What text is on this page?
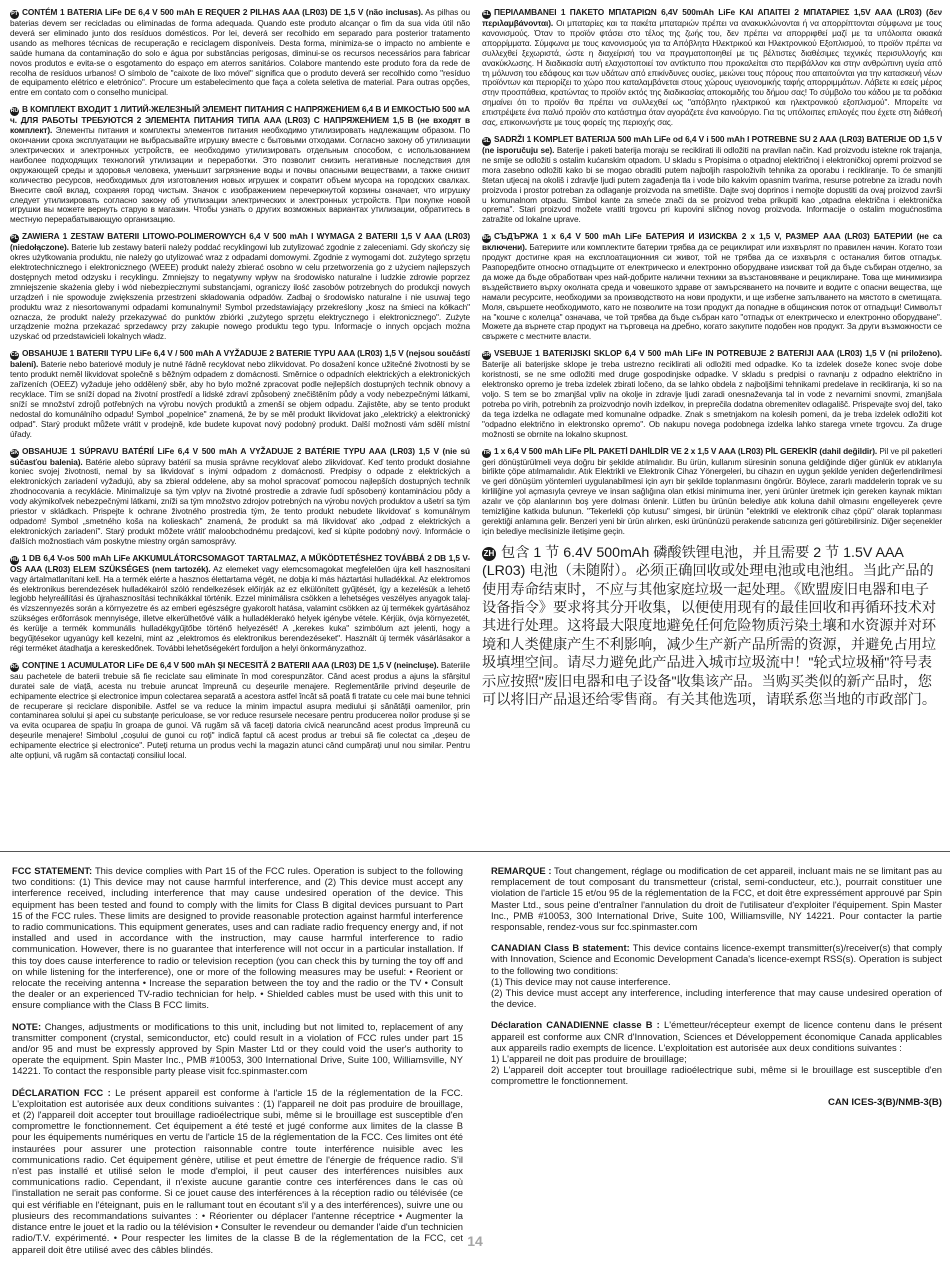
PT CONTÉM 1 BATERIA LiFe DE 6,4 V 500 mAh E REQUER 2 PILHAS AAA (LR03) DE 1,5 V (não inclusas). As pilhas ou baterias devem ser recicladas ou eliminadas de forma adequada. Quando este produto alcançar o fim da sua vida útil não deverá ser eliminado junto dos resíduos domésticos. Por lei, deverá ser recolhido em separado para posterior tratamento usando as melhores técnicas de recuperação e reciclagem disponíveis. Desta forma, minimiza-se o impacto no ambiente e saúde humana da contaminação do solo e água por substâncias perigosas, diminui-se os recursos necessários para fabricar novos produtos e evita-se o esgotamento do espaço em aterros sanitários. Colabore mantendo este produto fora da rede de recolha de resíduos urbanos! O símbolo de "caixote de lixo móvel" significa que o produto deverá ser recolhido como "resíduo de equipamento elétrico e eletrónico". Procure um estabelecimento que faça a coleta seletiva de material. Para outras opções, entre em contato com o conselho municipal.

RU В КОМПЛЕКТ ВХОДИТ 1 ЛИТИЙ-ЖЕЛЕЗНЫЙ ЭЛЕМЕНТ ПИТАНИЯ С НАПРЯЖЕНИЕМ 6,4 В И ЕМКОСТЬЮ 500 мА ч. ДЛЯ РАБОТЫ ТРЕБУЮТСЯ 2 ЭЛЕМЕНТА ПИТАНИЯ ТИПА AAA (LR03) С НАПРЯЖЕНИЕМ 1,5 В (не входят в комплект). Элементы питания и комплекты элементов питания необходимо утилизировать надлежащим образом. По окончании срока эксплуатации не выбрасывайте игрушку вместе с бытовыми отходами. Согласно закону об утилизации электрических и электронных устройств, ее необходимо утилизировать отдельным способом, с использованием наиболее подходящих технологий утилизации и переработки. Это позволит снизить негативные последствия для окружающей среды и здоровья человека, уменьшит загрязнение воды и почвы опасными веществами, а также снизит количество ресурсов, необходимых для изготовления новых игрушек и сократит объем мусора на городских свалках. Внесите свой вклад, сохраняя город чистым. Значок с изображением перечеркнутой корзины означает, что игрушку следует утилизировать согласно закону об утилизации электрических и электронных устройств. При покупке новой игрушки вы можете вернуть старую в магазин. Чтобы узнать о других возможных вариантах утилизации, обратитесь в местную перерабатывающую организацию.

PL ZAWIERA 1 ZESTAW BATERII LITOWO-POLIMEROWYCH 6,4 V 500 mAh I WYMAGA 2 BATERII 1,5 V AAA (LR03) (niedołączone). Baterie lub zestawy baterii należy poddać recyklingowi lub zutylizować zgodnie z zaleceniami. Gdy skończy się okres użytkowania produktu, nie należy go utylizować wraz z odpadami domowymi. Zgodnie z wymogami dot. zużytego sprzętu elektrotechnicznego i elektronicznego (WEEE) produkt należy zbierać osobno w celu przetworzenia go z użyciem najlepszych dostępnych metod odzysku i recyklingu. Zmniejszy to negatywny wpływ na środowisko naturalne i ludzkie zdrowie poprzez zmniejszenie skażenia gleby i wód niebezpiecznymi substancjami, ograniczy ilość zasobów potrzebnych do produkcji nowych urządzeń i nie spowoduje zwiększenia przestrzeni składowania odpadów. Zadbaj o środowisko naturalne i nie usuwaj tego produktu wraz z niesortowanymi odpadami komunalnymi! Symbol przedstawiający przekreślony „kosz na śmieci na kółkach" oznacza, że produkt należy przekazywać do punktów zbiórki „zużytego sprzętu elektrycznego i elektronicznego". Zużyte urządzenie można przekazać sprzedawcy przy zakupie nowego produktu tego typu. Informacje o innych opcjach można uzyskać od przedstawicieli lokalnych władz.

CS OBSAHUJE 1 BATERII TYPU LiFe 6,4 V / 500 mAh A VYŽADUJE 2 BATERIE TYPU AAA (LR03) 1,5 V (nejsou součástí balení). Baterie nebo bateriové moduly je nutné řádně recyklovat nebo zlikvidovat. Po dosažení konce užitečné životnosti by se tento produkt neměl likvidovat společně s běžným odpadem z domácnosti. Směrnice o odpadních elektrických a elektronických zařízeních (OEEZ) vyžaduje jeho oddělený sběr, aby ho bylo možné zpracovat podle nejlepších dostupných technik obnovy a recyklace. Tím se sníží dopad na životní prostředí a lidské zdraví způsobený znečištěním půdy a vody nebezpečnými látkami, sníží se množství zdrojů potřebných na výrobu nových produktů a zmenší se objem odpadu. Zajistěte, aby se tento produkt nedostal do komunálního odpadu! Symbol „popelnice" znamená, že by se měl produkt likvidovat jako „elektrický a elektronický odpad". Starý produkt můžete vrátit v prodejně, kde budete kupovat nový podobný produkt. Další možnosti vám sdělí místní úřady.

SK OBSAHUJE 1 SÚPRAVU BATÉRIÍ LiFe 6,4 V 500 mAh A VYŽADUJE 2 BATÉRIE TYPU AAA (LR03) 1,5 V (nie sú súčasťou balenia). Batérie alebo súpravy batérií sa musia správne recyklovať alebo zlikvidovať. Keď tento produkt dosiahne koniec svojej životnosti, nemal by sa likvidovať s inými odpadom z domácnosti. Predpisy o odpade z elektrických a elektronických zariadení vyžadujú, aby sa zbieral oddelene, aby sa mohol spracovať pomocou najlepších dostupných techník zhodnocovania a recyklácie. Minimalizuje sa tým vplyv na životné prostredie a zdravie ľudí spôsobený kontamináciou pôdy a vody akýmikoľvek nebezpečnými látkami, zníži sa tým množstvo zdrojov potrebných na výrobu nových produktov a ušetrí sa tým priestor v skládkach. Prispejte k ochrane životného prostredia tým, že tento produkt nebudete likvidovať s komunálnym odpadom! Symbol „smetného koša na kolieskach" znamená, že produkt sa má likvidovať ako „odpad z elektrických a elektronických zariadení". Starý produkt môžete vrátiť maloobchodnému predajcovi, keď si kúpite podobný nový. Informácie o ďalších možnostiach vám poskytne miestny orgán samosprávy.

HU 1 DB 6,4 V-os 500 mAh LiFe AKKUMULÁTORCSOMAGOT TARTALMAZ, A MŰKÖDTETÉSHEZ TOVÁBBÁ 2 DB 1,5 V-OS AAA (LR03) ELEM SZÜKSÉGES (nem tartozék). Az elemeket vagy elemcsomagokat megfelelően újra kell hasznosítani vagy ártalmatlanítani kell. Ha a termék elérte a hasznos élettartama végét, ne dobja ki más háztartási hulladékkal. Az elektromos és elektronikus berendezések hulladékairól szóló rendelkezések előírják az ez elkülönített gyűjtését, így a kezelésük a lehető legjobb helyreállítási és újrahasznosítási technikákkal történik. Ezzel minimálisra csökken a lehetséges veszélyes anyagok talaj- és vízszennyezés során a környezetre és az emberi egészségre gyakorolt hatása, valamint csökken az új termékek gyártásához szükséges erőforrások mennyisége, illetve elkerülhetővé válik a hulladéklerakó helyek igénybe vétele. Kérjük, óvja környezetét, és kerülje a termék kommunális hulladékgyűjtőbe történő helyezését! A „kerekes kuka" szimbólum azt jelenti, hogy a begyűjtésekor ugyanúgy kell kezelni, mint az „elektromos és elektronikus berendezéseket". Használt új termék vásárlásakor a régi terméket átadhatja a kereskedőnek. További lehetőségekért forduljon a helyi önkormányzathoz.

RO CONȚINE 1 ACUMULATOR LiFe DE 6,4 V 500 mAh ȘI NECESITĂ 2 BATERII AAA (LR03) DE 1,5 V (neinclușe). Bateriile sau pachetele de baterii trebuie să fie reciclate sau eliminate în mod corespunzător. Când acest produs a ajuns la sfârșitul duratei sale de viață, acesta nu trebuie aruncat împreună cu deșeurile menajere. Reglementările privind deșeurile de echipamente electrice și electronice impun colectarea separată a acestora astfel încât să poată fi tratate cu cele mai bune tehnici de recuperare și reciclare disponibile. Astfel se va reduce la minim impactul asupra mediului și sănătății oamenilor, prin contaminarea solului și apei cu substanțe periculoase, se vor reduce resursele necesare pentru producerea noilor produse și se va evita ocuparea de spațiu în groapa de gunoi. Vă rugăm să vă faceți datoria civică nearuncând acest produs împreună cu deșeurile menajere! Simbolul „coșului de gunoi cu roți" indică faptul că acest produs ar trebui să fie colectat ca „deșeu de echipamente electrice și electronice". Puteți returna un produs vechi la magazin atunci când cumpărați unul nou similar. Pentru alte opțiuni, vă rugăm să contactați consiliul local.

EL ΠΕΡΙΛΑΜΒΑΝΕΙ 1 ΠΑΚΕΤΟ ΜΠΑΤΑΡΙΩΝ 6,4V 500mAh LiFe ΚΑΙ ΑΠΑΙΤΕΙ 2 ΜΠΑΤΑΡΙΕΣ 1,5V AAA (LR03) (δεν περιλαμβάνονται). Οι μπαταρίες και τα πακέτα μπαταριών πρέπει να ανακυκλώνονται ή να απορρίπτονται σύμφωνα με τους κανονισμούς. Όταν το προϊόν φτάσει στο τέλος της ζωής του, δεν πρέπει να απορριφθεί μαζί με τα υπόλοιπα οικιακά απορρίμματα. Σύμφωνα με τους κανονισμούς για τα Απόβλητα Ηλεκτρικού και Ηλεκτρονικού Εξοπλισμού, το προϊόν πρέπει να συλλεχθεί ξεχωριστά, ώστε η διαχείρισή του να πραγματοποιηθεί με τις βέλτιστες διαθέσιμες τεχνικές περισυλλογής και ανακύκλωσης. Η διαδικασία αυτή ελαχιστοποιεί τον αντίκτυπο που προκαλείται στο περιβάλλον και στην ανθρώπινη υγεία από τη μόλυνση του εδάφους και των υδάτων από επικίνδυνες ουσίες, μειώνει τους πόρους που απαιτούνται για την κατασκευή νέων προϊόντων και περιορίζει το χώρο που καταλαμβάνεται στους χώρους υγειονομικής ταφής απορριμμάτων. Λάβετε κι εσείς μέρος στην προσπάθεια, κρατώντας το προϊόν εκτός της διαδικασίας αποκομιδής του δήμου σας! Το σύμβολο του κάδου με τα ροδάκια σημαίνει ότι το προϊόν θα πρέπει να συλλεχθεί ως "απόβλητο ηλεκτρικού και ηλεκτρονικού εξοπλισμού". Μπορείτε να επιστρέψετε ένα παλιό προϊόν στο κατάστημα όταν αγοράζετε ένα καινούργιο. Για τις υπόλοιπες επιλογές που έχετε στη διάθεσή σας, επικοινωνήστε με τους φορείς της περιοχής σας.

SL SADRŽI 1 KOMPLET BATERIJA 500 mAh LiFe od 6,4 V i 500 mAh I POTREBNE SU 2 AAA (LR03) BATERIJE OD 1,5 V (ne isporučuju se). Baterije i paketi baterija moraju se reciklirati ili odložiti na pravilan način. Kad proizvodu istekne rok trajanja, ne smije se odložiti s ostalim kućanskim otpadom. U skladu s Propisima o otpadnoj električnoj i elektroničkoj opremi proizvod se mora zasebno odložiti kako bi se mogao obraditi putem najboljih raspoloživih tehnika za oporabu i recikliranje. To će smanjiti štetan utjecaj na okoliš i zdravlje ljudi putem zagađenja tla i vode bilo kakvim opasnim tvarima, resurse potrebne za izradu novih proizvoda i prostor potreban za odlaganje proizvoda na smetlište. Dajte svoj doprinos i nemojte dopustiti da ovaj proizvod završi u komunalnom otpadu. Simbol kante za smeće znači da se proizvod treba prikupiti kao „otpadna električna i elektronička oprema". Stari proizvod možete vratiti trgovcu pri kupovini sličnog novog proizvoda. Informacije o ostalim mogućnostima zatražite od lokalne uprave.

BG СЪДЪРЖА 1 x 6,4 V 500 mAh LiFe БАТЕРИЯ И ИЗИСКВА 2 x 1,5 V, РАЗМЕР AAA (LR03) БАТЕРИИ (не са включени). Батериите или комплектите батерии трябва да се рециклират или изхвърлят по правилен начин. Когато този продукт достигне края на експлоатационния си живот, той не трябва да се изхвърля с останалия битов отпадък. Разпоредбите относно отпадъците от електрическо и електронно оборудване изискват той да бъде събиран отделно, за да може да бъде обработван чрез най-добрите налични техники за възстановяване и рециклиране. Това ще минимизира въздействието върху околната среда и човешкото здраве от замърсяването на почвите и водите с опасни вещества, ще намали ресурсите, необходими за производството на нови продукти, и ще избегне запълването на мястото в сметищата. Моля, свършете необходимото, като не позволите на този продукт да попадне в общинския поток от отпадъци! Символът на "кошче с колелца" означава, че той трябва да бъде събран като "отпадък от електрическо и електронно оборудване". Можете да върнете стар продукт на търговеца на дребно, когато закупите подобен нов продукт. За други възможности се свържете с местните власти.

SR VSEBUJE 1 BATERIJSKI SKLOP 6,4 V 500 mAh LiFe IN POTREBUJE 2 BATERIJI AAA (LR03) 1,5 V (ni priloženo). Baterije ali baterijske sklope je treba ustrezno reciklirati ali odložiti med odpadke. Ko ta izdelek doseže konec svoje dobe koristnosti, se ne sme odložiti med druge gospodinjske odpadke. V skladu s predpisi o ravnanju z odpadno električno in elektronsko opremo je treba izdelek zbirati ločeno, da se lahko obdela z najboljšimi tehnikami predelave in recikliranja, ki so na voljo. S tem se bo zmanjšal vpliv na okolje in zdravje ljudi zaradi onesnaževanja tal in vode z nevarnimi snovmi, zmanjšala potreba po virih, potrebnih za proizvodnjo novih izdelkov, in preprečila dodatna obremenitev odlagališč. Prispevajte svoj del, tako da tega izdelka ne odlagate med komunalne odpadke. Znak s smetnjakom na kolesih pomeni, da je treba izdelek odložiti kot "odpadno električno in elektronsko opremo". Ob nakupu novega podobnega izdelka lahko starega vrnete trgovcu. Za druge možnosti se obrnite na lokalno skupnost.

TR 1 x 6,4 V 500 mAh LiFe PİL PAKETİ DAHİLDİR VE 2 x 1,5 V AAA (LR03) PİL GEREKİR (dahil değildir). Pil ve pil paketleri geri dönüştürülmeli veya doğru bir şekilde atılmalıdır. Bu ürün, kullanım süresinin sonuna geldiğinde diğer günlük ev atıklarıyla birlikte çöpe atılmamalıdır. Atık Elektrikli ve Elektronik Cihaz Yönergeleri, bu cihazın en uygun şekilde yeniden değerlendirilmesi ve geri dönüşüm yöntemleri uygulanabilmesi için ayrı bir şekilde toplanmasını öngörür. Böylece, zararlı maddelerin toprak ve su kirliliğine yol açmasıyla çevreye ve insan sağlığına olan etkisi minimuma iner, yeni ürünler üretmek için gereken kaynak miktarı azalır ve çöp alanlarının boş yere dolması önlenir. Lütfen bu ürünün belediye atık koluna dahil olmasını engelleyerek çevre temizliğine katkıda bulunun. "Tekerlekli çöp kutusu" simgesi, bir ürünün "elektrikli ve elektronik cihaz çöpü" olarak toplanması gerektiği anlamına gelir. Benzeri yeni bir ürün alırken, eski ürününüzü perakende satıcınıza geri götürebilirsiniz. Diğer seçenekler için belediye meclisinizle iletişime geçin.

ZH 包含 1 节 6.4V 500mAh 磷酸铁锂电池，并且需要 2 节 1.5V AAA (LR03) 电池（未随附）。必须正确回收或处理电池或电池组。当此产品的使用寿命结束时，不应与其他家庭垃圾一起处理。《欧盟废旧电器和电子设备指令》要求将其分开收集，以便使用现有的最佳回收和再循环技术对其进行处理。这将最大限度地避免任何危险物质污染土壤和水资源并对环境和人类健康产生不利影响，减少生产新产品所需的资源，并避免占用垃圾填埋空间。请尽力避免此产品进入城市垃圾流中！"轮式垃圾桶"符号表示应按照"废旧电器和电子设备"收集该产品。当购买类似的新产品时，您可以将旧产品退还给零售商。有关其他选项，请联系您当地的市政部门。

FCC STATEMENT: This device complies with Part 15 of the FCC rules. Operation is subject to the following two conditions: (1) This device may not cause harmful interference, and (2) This device must accept any interference received, including interference that may cause undesired operation of the device. This equipment has been tested and found to comply with the limits for Class B digital devices pursuant to Part 15 of the FCC rules. These limits are designed to provide reasonable protection against harmful interference to radio communications. This equipment generates, uses and can radiate radio frequency energy and, if not installed and used in accordance with the instruction, may cause harmful interference to radio communication. However, there is no guarantee that interference will not occur in a particular installation. If this toy does cause interference to radio or television reception (you can check this by turning the toy off and on while listening for the interference), one or more of the following measures may be useful: • Reorient or relocate the receiving antenna • Increase the separation between the toy and the radio or the TV • Consult the dealer or an experienced TV-radio technician for help. • Shielded cables must be used with this unit to ensure compliance with the Class B FCC limits.

NOTE: Changes, adjustments or modifications to this unit, including but not limited to, replacement of any transmitter component (crystal, semiconductor, etc) could result in a violation of FCC rules under part 15 and/or 95 and must be expressly approved by Spin Master Ltd or they could void the user's authority to operate the equipment. Spin Master Inc., PMB #10053, 300 International Drive, Suite 100, Williamsville, NY 14221. To contact the responsible party please visit fcc.spinmaster.com

DÉCLARATION FCC : Le présent appareil est conforme à l'article 15 de la réglementation de la FCC. L'exploitation est autorisée aux deux conditions suivantes : (1) l'appareil ne doit pas produire de brouillage, et (2) l'appareil doit accepter tout brouillage radioélectrique subi, même si le brouillage est susceptible d'en compromettre le fonctionnement. Cet équipement a été testé et jugé conforme aux limites de la classe B pour les équipements numériques en vertu de l'article 15 de la réglementation de la FCC. Ces limites ont été instaurées pour assurer une protection raisonnable contre toute interférence nuisible avec les communications radio. Cet équipement génère, utilise et peut émettre de l'énergie de fréquence radio. S'il n'est pas installé et utilisé selon le mode d'emploi, il peut causer des interférences nuisibles aux communications radio. Cependant, il n'existe aucune garantie contre ces interférences dans le cas où l'installation ne serait pas conforme. Si ce jouet cause des interférences à la réception radio ou télévisée (ce qui est vérifiable en l'éteignant, puis en le rallumant tout en écoutant s'il y a des interférences), suivre une ou plusieurs des recommandations suivantes : • Réorienter ou déplacer l'antenne réceptrice • Augmenter la distance entre le jouet et la radio ou la télévision • Consulter le revendeur ou demander l'aide d'un technicien radio/T.V. expérimenté. • Pour respecter les limites de la classe B de la réglementation de la FCC, cet appareil doit être utilisé avec des câbles blindés.

REMARQUE : Tout changement, réglage ou modification de cet appareil, incluant mais ne se limitant pas au remplacement de tout composant du transmetteur (cristal, semi-conducteur, etc.), pourrait constituer une violation de l'article 15 et/ou 95 de la réglementation de la FCC, et doit être expressément approuvé par Spin Master Ltd., sous peine d'entraîner l'annulation du droit de l'utilisateur d'exploiter l'équipement. Spin Master Inc., PMB #10053, 300 International Drive, Suite 100, Williamsville, NY 14221. Pour contacter la partie responsable, rendez-vous sur fcc.spinmaster.com

CANADIAN Class B statement: This device contains licence-exempt transmitter(s)/receiver(s) that comply with Innovation, Science and Economic Development Canada's licence-exempt RSS(s). Operation is subject to the following two conditions:
(1) This device may not cause interference.
(2) This device must accept any interference, including interference that may cause undesired operation of the device.

Déclaration CANADIENNE classe B : L'émetteur/récepteur exempt de licence contenu dans le présent appareil est conforme aux CNR d'Innovation, Sciences et Développement économique Canada applicables aux appareils radio exempts de licence. L'exploitation est autorisée aux deux conditions suivantes :
1) L'appareil ne doit pas produire de brouillage;
2) L'appareil doit accepter tout brouillage radioélectrique subi, même si le brouillage est susceptible d'en compromettre le fonctionnement.

CAN ICES-3(B)/NMB-3(B)
14
